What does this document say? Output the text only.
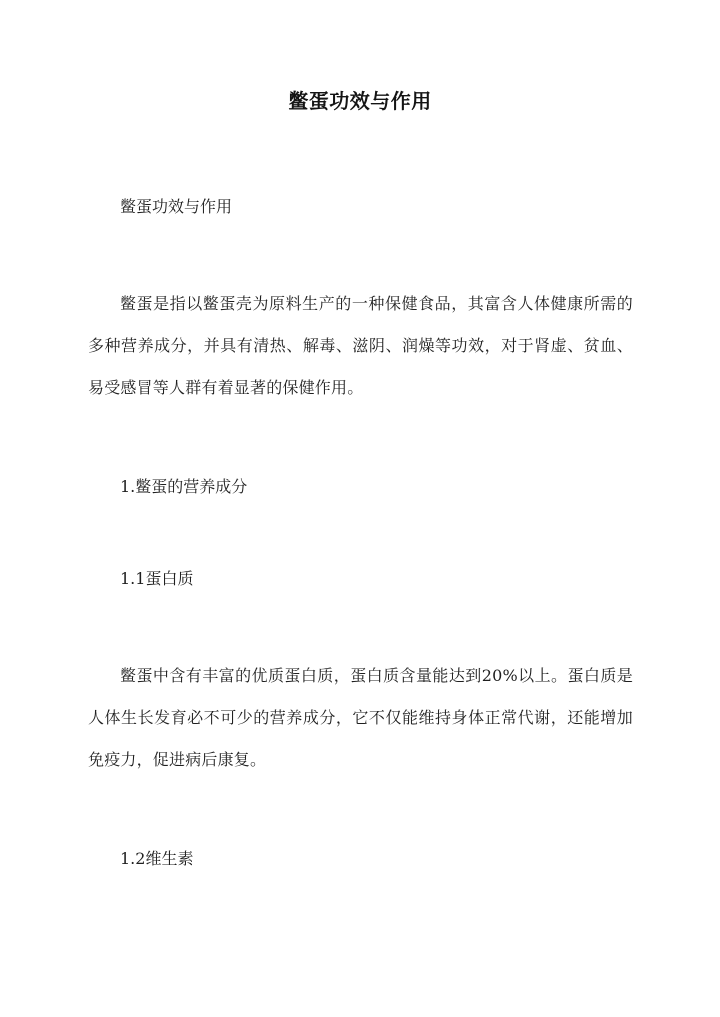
鳖蛋功效与作用

鳖蛋功效与作用

鳖蛋是指以鳖蛋壳为原料生产的一种保健食品，其富含人体健康所需的多种营养成分，并具有清热、解毒、滋阴、润燥等功效，对于肾虚、贫血、易受感冒等人群有着显著的保健作用。

1.鳖蛋的营养成分

1.1蛋白质

鳖蛋中含有丰富的优质蛋白质，蛋白质含量能达到20%以上。蛋白质是人体生长发育必不可少的营养成分，它不仅能维持身体正常代谢，还能增加免疫力，促进病后康复。

1.2维生素
